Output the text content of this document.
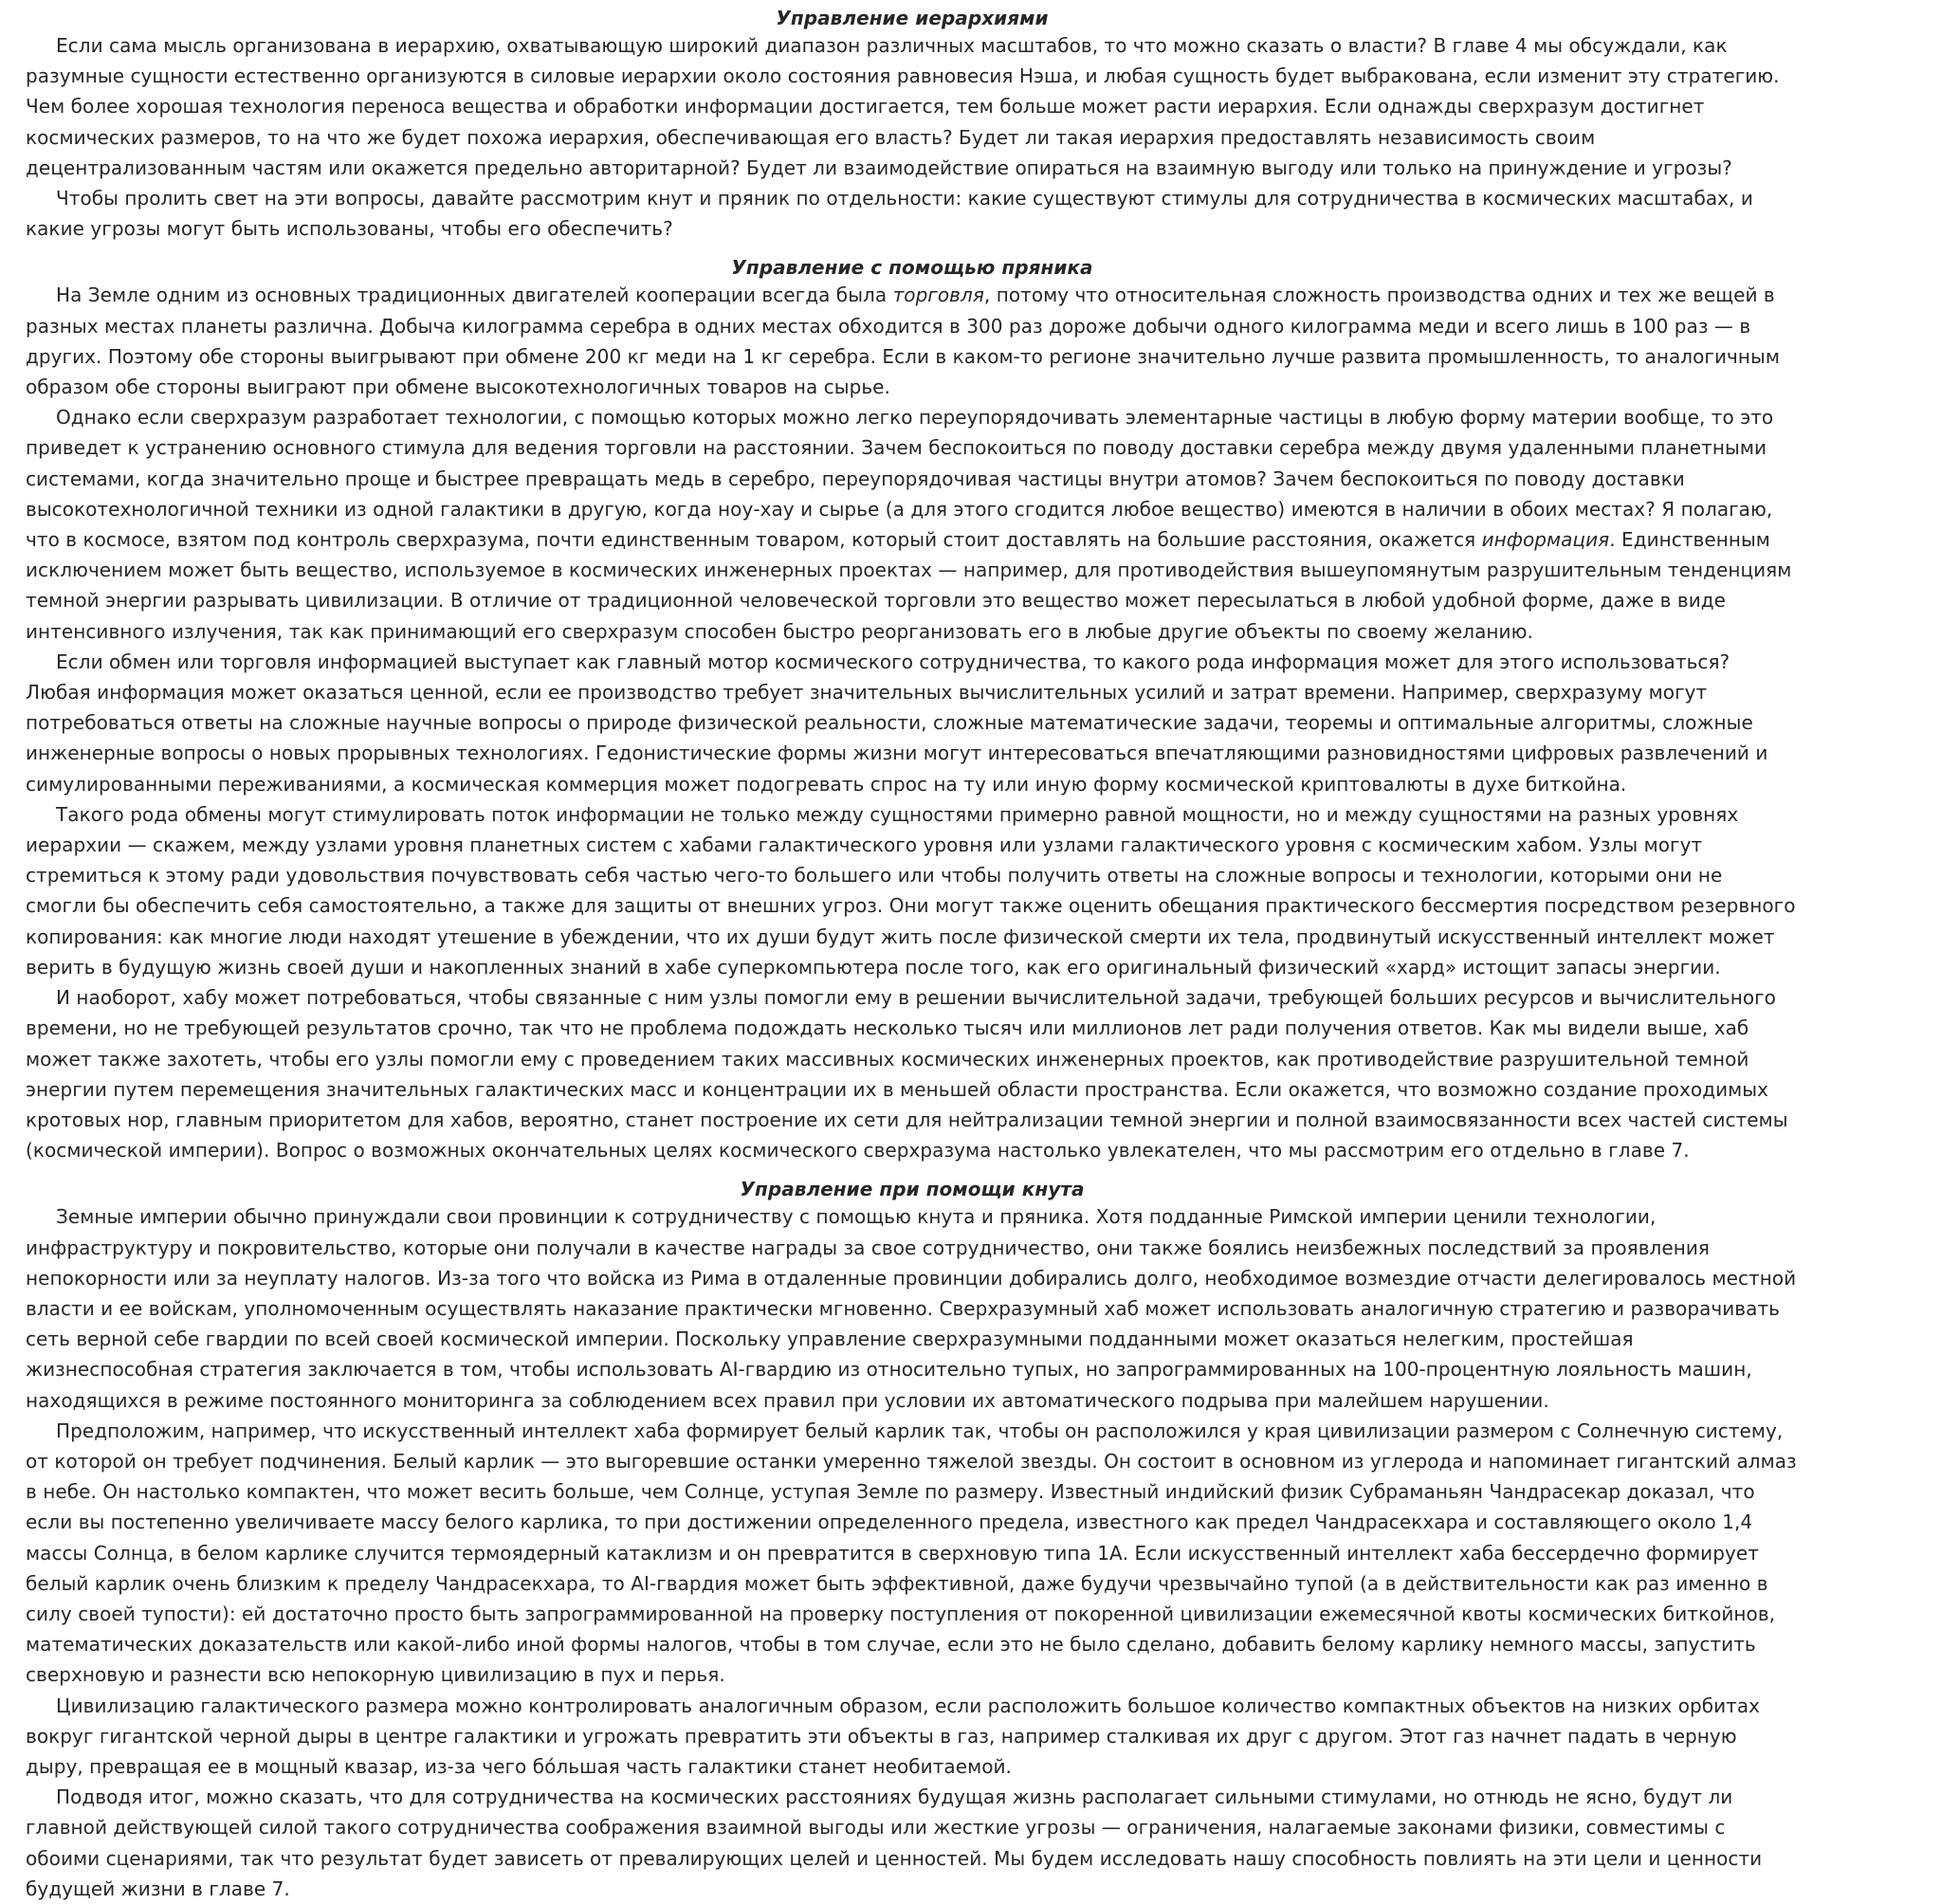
Управление иерархиями

Если сама мысль организована в иерархию, охватывающую широкий диапазон различных масштабов, то что можно сказать о власти? В главе 4 мы обсуждали, как разумные сущности естественно организуются в силовые иерархии около состояния равновесия Нэша, и любая сущность будет выбракована, если изменит эту стратегию. Чем более хорошая технология переноса вещества и обработки информации достигается, тем больше может расти иерархия. Если однажды сверхразум достигнет космических размеров, то на что же будет похожа иерархия, обеспечивающая его власть? Будет ли такая иерархия предоставлять независимость своим децентрализованным частям или окажется предельно авторитарной? Будет ли взаимодействие опираться на взаимную выгоду или только на принуждение и угрозы?

Чтобы пролить свет на эти вопросы, давайте рассмотрим кнут и пряник по отдельности: какие существуют стимулы для сотрудничества в космических масштабах, и какие угрозы могут быть использованы, чтобы его обеспечить?

Управление с помощью пряника

На Земле одним из основных традиционных двигателей кооперации всегда была торговля, потому что относительная сложность производства одних и тех же вещей в разных местах планеты различна. Добыча килограмма серебра в одних местах обходится в 300 раз дороже добычи одного килограмма меди и всего лишь в 100 раз — в других. Поэтому обе стороны выигрывают при обмене 200 кг меди на 1 кг серебра. Если в каком-то регионе значительно лучше развита промышленность, то аналогичным образом обе стороны выиграют при обмене высокотехнологичных товаров на сырье.

Однако если сверхразум разработает технологии, с помощью которых можно легко переупорядочивать элементарные частицы в любую форму материи вообще, то это приведет к устранению основного стимула для ведения торговли на расстоянии. Зачем беспокоиться по поводу доставки серебра между двумя удаленными планетными системами, когда значительно проще и быстрее превращать медь в серебро, переупорядочивая частицы внутри атомов? Зачем беспокоиться по поводу доставки высокотехнологичной техники из одной галактики в другую, когда ноу-хау и сырье (а для этого сгодится любое вещество) имеются в наличии в обоих местах? Я полагаю, что в космосе, взятом под контроль сверхразума, почти единственным товаром, который стоит доставлять на большие расстояния, окажется информация. Единственным исключением может быть вещество, используемое в космических инженерных проектах — например, для противодействия вышеупомянутым разрушительным тенденциям темной энергии разрывать цивилизации. В отличие от традиционной человеческой торговли это вещество может пересылаться в любой удобной форме, даже в виде интенсивного излучения, так как принимающий его сверхразум способен быстро реорганизовать его в любые другие объекты по своему желанию.

Если обмен или торговля информацией выступает как главный мотор космического сотрудничества, то какого рода информация может для этого использоваться? Любая информация может оказаться ценной, если ее производство требует значительных вычислительных усилий и затрат времени. Например, сверхразуму могут потребоваться ответы на сложные научные вопросы о природе физической реальности, сложные математические задачи, теоремы и оптимальные алгоритмы, сложные инженерные вопросы о новых прорывных технологиях. Гедонистические формы жизни могут интересоваться впечатляющими разновидностями цифровых развлечений и симулированными переживаниями, а космическая коммерция может подогревать спрос на ту или иную форму космической криптовалюты в духе биткойна.

Такого рода обмены могут стимулировать поток информации не только между сущностями примерно равной мощности, но и между сущностями на разных уровнях иерархии — скажем, между узлами уровня планетных систем с хабами галактического уровня или узлами галактического уровня с космическим хабом. Узлы могут стремиться к этому ради удовольствия почувствовать себя частью чего-то большего или чтобы получить ответы на сложные вопросы и технологии, которыми они не смогли бы обеспечить себя самостоятельно, а также для защиты от внешних угроз. Они могут также оценить обещания практического бессмертия посредством резервного копирования: как многие люди находят утешение в убеждении, что их души будут жить после физической смерти их тела, продвинутый искусственный интеллект может верить в будущую жизнь своей души и накопленных знаний в хабе суперкомпьютера после того, как его оригинальный физический «хард» истощит запасы энергии.

И наоборот, хабу может потребоваться, чтобы связанные с ним узлы помогли ему в решении вычислительной задачи, требующей больших ресурсов и вычислительного времени, но не требующей результатов срочно, так что не проблема подождать несколько тысяч или миллионов лет ради получения ответов. Как мы видели выше, хаб может также захотеть, чтобы его узлы помогли ему с проведением таких массивных космических инженерных проектов, как противодействие разрушительной темной энергии путем перемещения значительных галактических масс и концентрации их в меньшей области пространства. Если окажется, что возможно создание проходимых кротовых нор, главным приоритетом для хабов, вероятно, станет построение их сети для нейтрализации темной энергии и полной взаимосвязанности всех частей системы (космической империи). Вопрос о возможных окончательных целях космического сверхразума настолько увлекателен, что мы рассмотрим его отдельно в главе 7.

Управление при помощи кнута

Земные империи обычно принуждали свои провинции к сотрудничеству с помощью кнута и пряника. Хотя подданные Римской империи ценили технологии, инфраструктуру и покровительство, которые они получали в качестве награды за свое сотрудничество, они также боялись неизбежных последствий за проявления непокорности или за неуплату налогов. Из-за того что войска из Рима в отдаленные провинции добирались долго, необходимое возмездие отчасти делегировалось местной власти и ее войскам, уполномоченным осуществлять наказание практически мгновенно. Сверхразумный хаб может использовать аналогичную стратегию и разворачивать сеть верной себе гвардии по всей своей космической империи. Поскольку управление сверхразумными подданными может оказаться нелегким, простейшая жизнеспособная стратегия заключается в том, чтобы использовать AI-гвардию из относительно тупых, но запрограммированных на 100-процентную лояльность машин, находящихся в режиме постоянного мониторинга за соблюдением всех правил при условии их автоматического подрыва при малейшем нарушении.

Предположим, например, что искусственный интеллект хаба формирует белый карлик так, чтобы он расположился у края цивилизации размером с Солнечную систему, от которой он требует подчинения. Белый карлик — это выгоревшие останки умеренно тяжелой звезды. Он состоит в основном из углерода и напоминает гигантский алмаз в небе. Он настолько компактен, что может весить больше, чем Солнце, уступая Земле по размеру. Известный индийский физик Субраманьян Чандрасекар доказал, что если вы постепенно увеличиваете массу белого карлика, то при достижении определенного предела, известного как предел Чандрасекхара и составляющего около 1,4 массы Солнца, в белом карлике случится термоядерный катаклизм и он превратится в сверхновую типа 1А. Если искусственный интеллект хаба бессердечно формирует белый карлик очень близким к пределу Чандрасекхара, то AI-гвардия может быть эффективной, даже будучи чрезвычайно тупой (а в действительности как раз именно в силу своей тупости): ей достаточно просто быть запрограммированной на проверку поступления от покоренной цивилизации ежемесячной квоты космических биткойнов, математических доказательств или какой-либо иной формы налогов, чтобы в том случае, если это не было сделано, добавить белому карлику немного массы, запустить сверхновую и разнести всю непокорную цивилизацию в пух и перья.

Цивилизацию галактического размера можно контролировать аналогичным образом, если расположить большое количество компактных объектов на низких орбитах вокруг гигантской черной дыры в центре галактики и угрожать превратить эти объекты в газ, например сталкивая их друг с другом. Этот газ начнет падать в черную дыру, превращая ее в мощный квазар, из-за чего бо́льшая часть галактики станет необитаемой.

Подводя итог, можно сказать, что для сотрудничества на космических расстояниях будущая жизнь располагает сильными стимулами, но отнюдь не ясно, будут ли главной действующей силой такого сотрудничества соображения взаимной выгоды или жесткие угрозы — ограничения, налагаемые законами физики, совместимы с обоими сценариями, так что результат будет зависеть от превалирующих целей и ценностей. Мы будем исследовать нашу способность повлиять на эти цели и ценности будущей жизни в главе 7.
